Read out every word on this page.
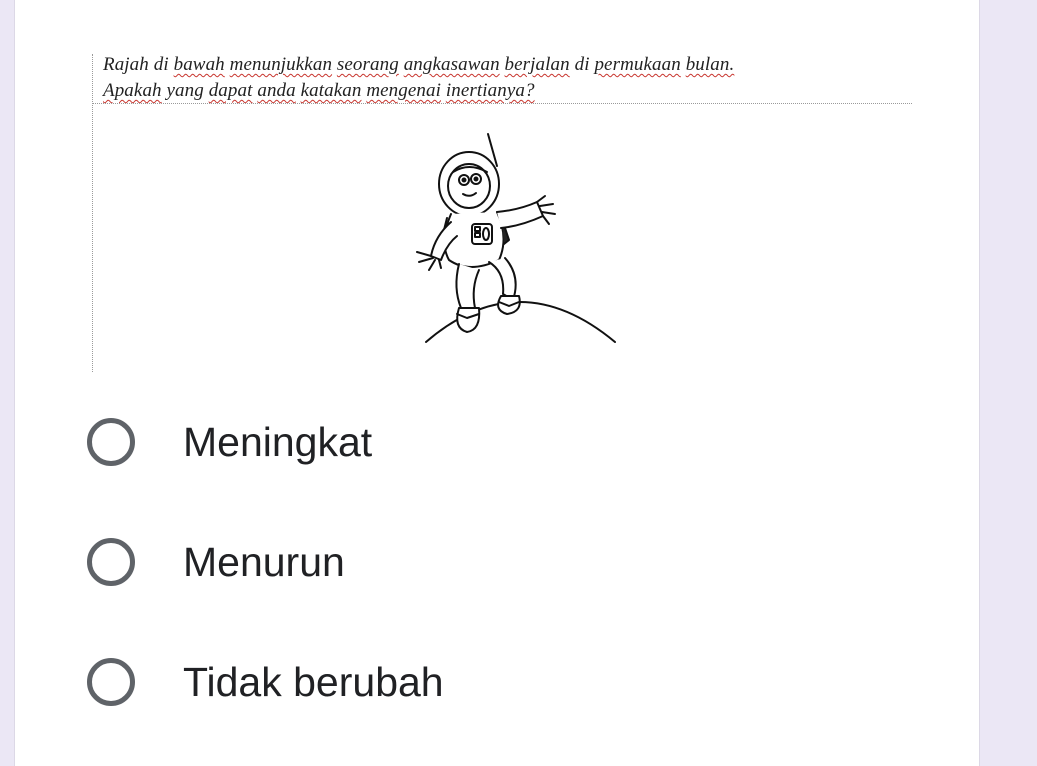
Rajah di bawah menunjukkan seorang angkasawan berjalan di permukaan bulan.
Apakah yang dapat anda katakan mengenai inertianya?
Meningkat
Menurun
Tidak berubah
